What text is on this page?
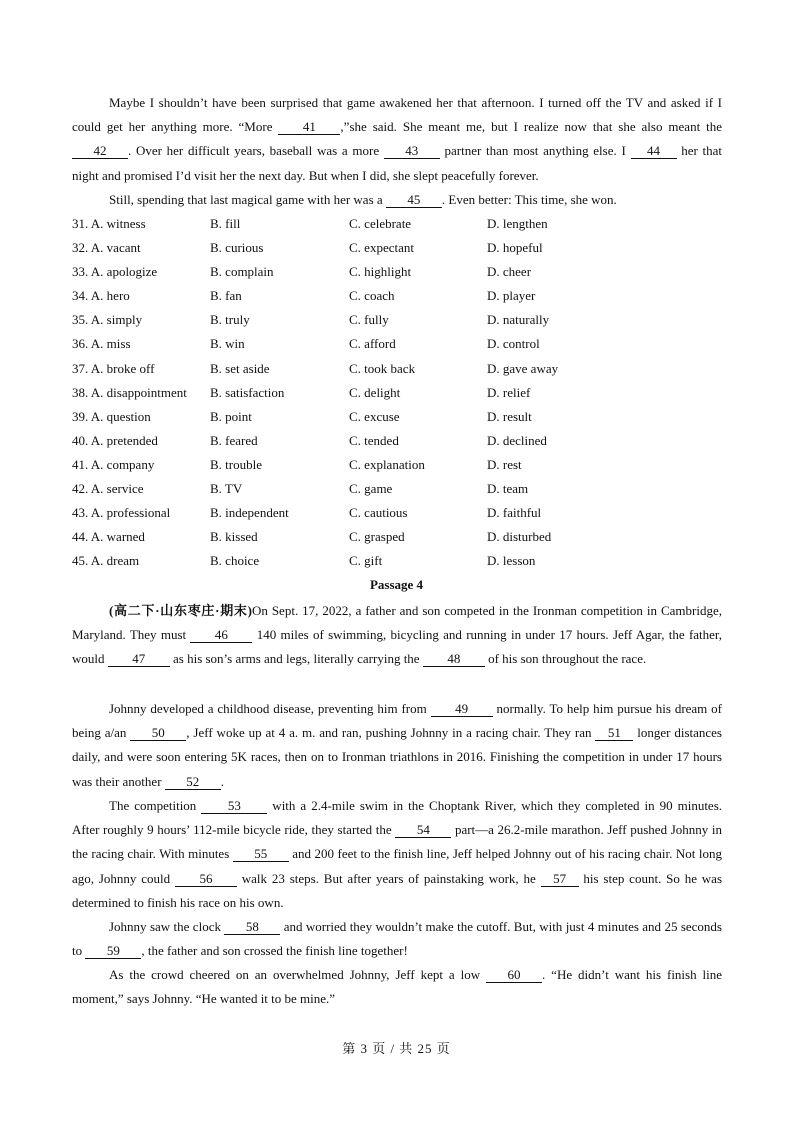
Maybe I shouldn’t have been surprised that game awakened her that afternoon. I turned off the TV and asked if I could get her anything more. “More 41 ,”she said. She meant me, but I realize now that she also meant the 42 . Over her difficult years, baseball was a more 43 partner than most anything else. I 44 her that night and promised I’d visit her the next day. But when I did, she slept peacefully forever.

Still, spending that last magical game with her was a 45 . Even better: This time, she won.

31. A. witness	B. fill	C. celebrate	D. lengthen
32. A. vacant	B. curious	C. expectant	D. hopeful
33. A. apologize	B. complain	C. highlight	D. cheer
34. A. hero	B. fan	C. coach	D. player
35. A. simply	B. truly	C. fully	D. naturally
36. A. miss	B. win	C. afford	D. control
37. A. broke off	B. set aside	C. took back	D. gave away
38. A. disappointment B. satisfaction	C. delight	D. relief
39. A. question	B. point	C. excuse	D. result
40. A. pretended	B. feared	C. tended	D. declined
41. A. company	B. trouble	C. explanation	D. rest
42. A. service	B. TV	C. game	D. team
43. A. professional	B. independent	C. cautious	D. faithful
44. A. warned	B. kissed	C. grasped	D. disturbed
45. A. dream	B. choice	C. gift	D. lesson
Passage 4

(高二下·山东枣庄·期末)On Sept. 17, 2022, a father and son competed in the Ironman competition in Cambridge, Maryland. They must 46 140 miles of swimming, bicycling and running in under 17 hours. Jeff Agar, the father, would 47 as his son’s arms and legs, literally carrying the 48 of his son throughout the race.

Johnny developed a childhood disease, preventing him from 49 normally. To help him pursue his dream of being a/an 50 , Jeff woke up at 4 a. m. and ran, pushing Johnny in a racing chair. They ran 51 longer distances daily, and were soon entering 5K races, then on to Ironman triathlons in 2016. Finishing the competition in under 17 hours was their another 52 .

The competition 53 with a 2.4-mile swim in the Choptank River, which they completed in 90 minutes. After roughly 9 hours’ 112-mile bicycle ride, they started the 54 part—a 26.2-mile marathon. Jeff pushed Johnny in the racing chair. With minutes 55 and 200 feet to the finish line, Jeff helped Johnny out of his racing chair. Not long ago, Johnny could 56 walk 23 steps. But after years of painstaking work, he 57 his step count. So he was determined to finish his race on his own.

Johnny saw the clock 58 and worried they wouldn’t make the cutoff. But, with just 4 minutes and 25 seconds to 59 , the father and son crossed the finish line together!

As the crowd cheered on an overwhelmed Johnny, Jeff kept a low 60 . “He didn’t want his finish line moment,” says Johnny. “He wanted it to be mine.”

第 3 页 / 共 25 页
